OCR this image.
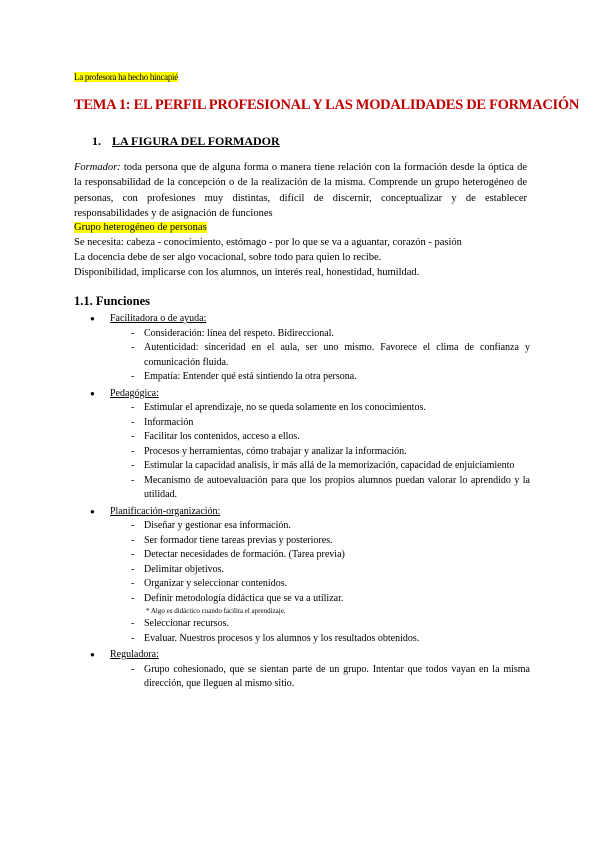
La profesora ha hecho hincapié
TEMA 1: EL PERFIL PROFESIONAL Y LAS MODALIDADES DE FORMACIÓN
1. LA FIGURA DEL FORMADOR
Formador: toda persona que de alguna forma o manera tiene relación con la formación desde la óptica de la responsabilidad de la concepción o de la realización de la misma. Comprende un grupo heterogéneo de personas, con profesiones muy distintas, difícil de discernir, conceptualizar y de establecer responsabilidades y de asignación de funciones
Grupo heterogéneo de personas
Se necesita: cabeza - conocimiento, estómago - por lo que se va a aguantar, corazón - pasión
La docencia debe de ser algo vocacional, sobre todo para quien lo recibe.
Disponibilidad, implicarse con los alumnos, un interés real, honestidad, humildad.
1.1. Funciones
● Facilitadora o de ayuda:
- Consideración: línea del respeto. Bidireccional.
- Autenticidad: sinceridad en el aula, ser uno mismo. Favorece el clima de confianza y comunicación fluida.
- Empatía: Entender qué está sintiendo la otra persona.
● Pedagógica:
- Estimular el aprendizaje, no se queda solamente en los conocimientos.
- Información
- Facilitar los contenidos, acceso a ellos.
- Procesos y herramientas, cómo trabajar y analizar la información.
- Estimular la capacidad analisis, ir más allá de la memorización, capacidad de enjuiciamiento
- Mecanismo de autoevaluación para que los propios alumnos puedan valorar lo aprendido y la utilidad.
● Planificación-organización:
- Diseñar y gestionar esa información.
- Ser formador tiene tareas previas y posteriores.
- Detectar necesidades de formación. (Tarea previa)
- Delimitar objetivos.
- Organizar y seleccionar contenidos.
- Definir metodología didáctica que se va a utilizar.
* Algo es didáctico cuando facilita el aprendizaje.
- Seleccionar recursos.
- Evaluar. Nuestros procesos y los alumnos y los resultados obtenidos.
● Reguladora:
- Grupo cohesionado, que se sientan parte de un grupo. Intentar que todos vayan en la misma dirección, que lleguen al mismo sitio.
